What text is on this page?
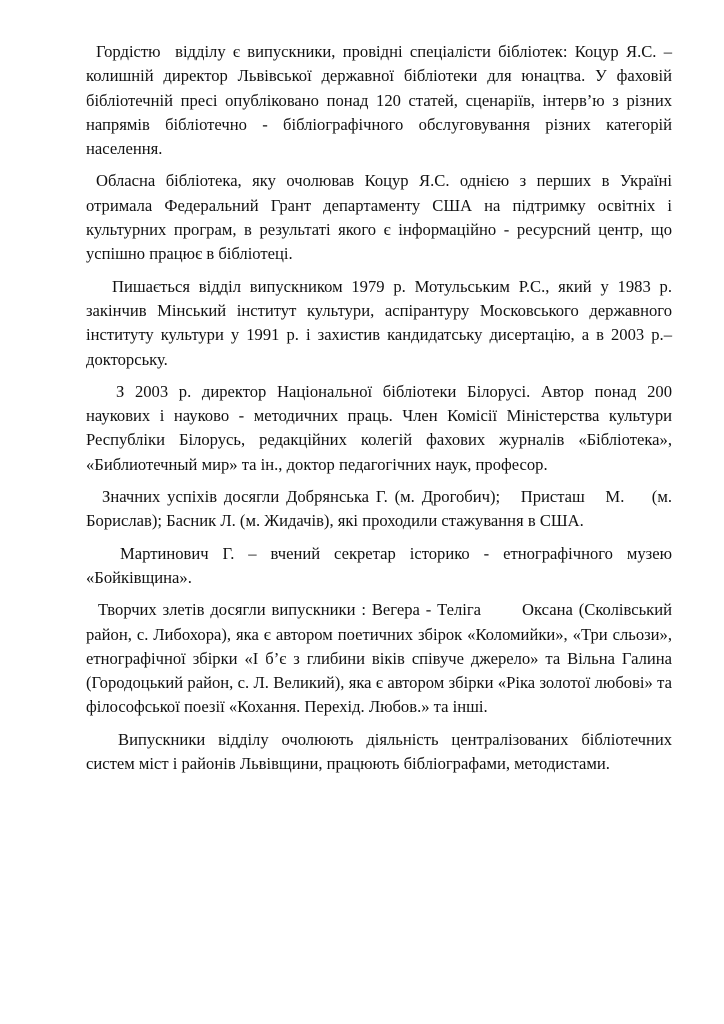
Гордістю  відділу є випускники, провідні спеціалісти бібліотек: Коцур Я.С. – колишній директор Львівської державної бібліотеки для юнацтва. У фаховій бібліотечній пресі опубліковано понад 120 статей, сценаріїв, інтерв’ю з різних напрямів бібліотечно - бібліографічного обслуговування різних категорій населення.

Обласна бібліотека, яку очолював Коцур Я.С. однією з перших в Україні отримала Федеральний Грант департаменту США на підтримку освітніх і культурних програм, в результаті якого є інформаційно - ресурсний центр, що успішно працює в бібліотеці.

Пишається відділ випускником 1979 р. Мотульським Р.С., який у 1983 р. закінчив Мінський інститут культури, аспірантуру Московського державного інституту культури у 1991 р. і захистив кандидатську дисертацію, а в 2003 р.– докторську.

З 2003 р. директор Національної бібліотеки Білорусі. Автор понад 200 наукових і науково - методичних праць. Член Комісії Міністерства культури Республіки Білорусь, редакційних колегій фахових журналів «Бібліотека», «Библиотечный мир» та ін., доктор педагогічних наук, професор.

Значних успіхів досягли Добрянська Г. (м. Дрогобич);   Присташ   М.    (м. Борислав); Басник Л. (м. Жидачів), які проходили стажування в США.

Мартинович Г. – вчений секретар історико - етнографічного музею «Бойківщина».

Творчих злетів досягли випускники : Вегера - Теліга       Оксана (Сколівський район, с. Либохора), яка є автором поетичних збірок «Коломийки», «Три сльози», етнографічної збірки «І б’є з глибини віків співуче джерело» та Вільна Галина (Городоцький район, с. Л. Великий), яка є автором збірки «Ріка золотої любові» та філософської поезії «Кохання. Перехід. Любов.» та інші.

Випускники відділу очолюють діяльність централізованих бібліотечних систем міст і районів Львівщини, працюють бібліографами, методистами.
